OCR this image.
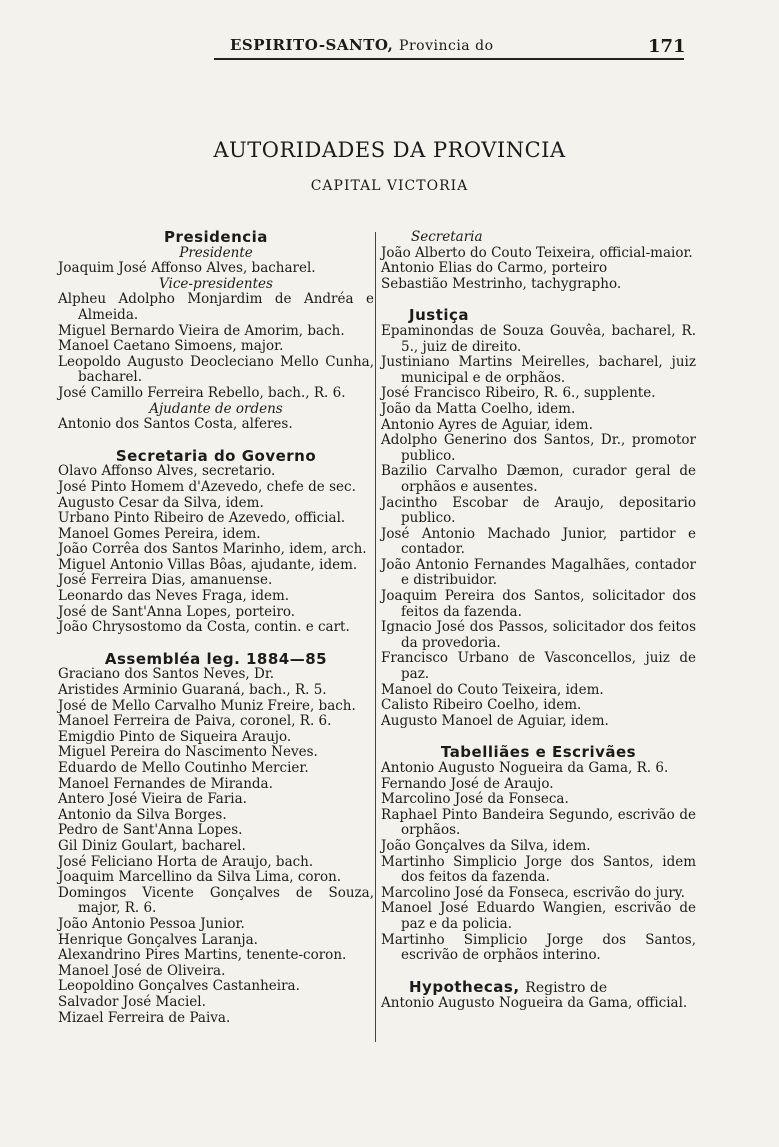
ESPIRITO-SANTO, Provincia do	171
AUTORIDADES DA PROVINCIA
CAPITAL VICTORIA
Presidencia
Presidente
Joaquim José Affonso Alves, bacharel.
Vice-presidentes
Alpheu Adolpho Monjardim de Andréa e Almeida.
Miguel Bernardo Vieira de Amorim, bach.
Manoel Caetano Simoens, major.
Leopoldo Augusto Deocleciano Mello Cunha, bacharel.
José Camillo Ferreira Rebello, bach., R. 6.
Ajudante de ordens
Antonio dos Santos Costa, alferes.
Secretaria do Governo
Olavo Affonso Alves, secretario.
José Pinto Homem d'Azevedo, chefe de sec.
Augusto Cesar da Silva, idem.
Urbano Pinto Ribeiro de Azevedo, official.
Manoel Gomes Pereira, idem.
João Corrêa dos Santos Marinho, idem, arch.
Miguel Antonio Villas Bôas, ajudante, idem.
José Ferreira Dias, amanuense.
Leonardo das Neves Fraga, idem.
José de Sant'Anna Lopes, porteiro.
João Chrysostomo da Costa, contin. e cart.
Assembléa leg. 1884—85
Graciano dos Santos Neves, Dr.
Aristides Arminio Guaraná, bach., R. 5.
José de Mello Carvalho Muniz Freire, bach.
Manoel Ferreira de Paiva, coronel, R. 6.
Emigdio Pinto de Siqueira Araujo.
Miguel Pereira do Nascimento Neves.
Eduardo de Mello Coutinho Mercier.
Manoel Fernandes de Miranda.
Antero José Vieira de Faria.
Antonio da Silva Borges.
Pedro de Sant'Anna Lopes.
Gil Diniz Goulart, bacharel.
José Feliciano Horta de Araujo, bach.
Joaquim Marcellino da Silva Lima, coron.
Domingos Vicente Gonçalves de Souza, major, R. 6.
João Antonio Pessoa Junior.
Henrique Gonçalves Laranja.
Alexandrino Pires Martins, tenente-coron.
Manoel José de Oliveira.
Leopoldino Gonçalves Castanheira.
Salvador José Maciel.
Mizael Ferreira de Paiva.
Secretaria
João Alberto do Couto Teixeira, official-maior.
Antonio Elias do Carmo, porteiro
Sebastião Mestrinho, tachygrapho.
Justiça
Epaminondas de Souza Gouvêa, bacharel, R. 5., juiz de direito.
Justiniano Martins Meirelles, bacharel, juiz municipal e de orphãos.
José Francisco Ribeiro, R. 6., supplente.
João da Matta Coelho, idem.
Antonio Ayres de Aguiar, idem.
Adolpho Generino dos Santos, Dr., promotor publico.
Bazilio Carvalho Dæmon, curador geral de orphãos e ausentes.
Jacintho Escobar de Araujo, depositario publico.
José Antonio Machado Junior, partidor e contador.
João Antonio Fernandes Magalhães, contador e distribuidor.
Joaquim Pereira dos Santos, solicitador dos feitos da fazenda.
Ignacio José dos Passos, solicitador dos feitos da provedoria.
Francisco Urbano de Vasconcellos, juiz de paz.
Manoel do Couto Teixeira, idem.
Calisto Ribeiro Coelho, idem.
Augusto Manoel de Aguiar, idem.
Tabelliães e Escrivães
Antonio Augusto Nogueira da Gama, R. 6.
Fernando José de Araujo.
Marcolino José da Fonseca.
Raphael Pinto Bandeira Segundo, escrivão de orphãos.
João Gonçalves da Silva, idem.
Martinho Simplicio Jorge dos Santos, idem dos feitos da fazenda.
Marcolino José da Fonseca, escrivão do jury.
Manoel José Eduardo Wangien, escrivão de paz e da policia.
Martinho Simplicio Jorge dos Santos, escrivão de orphãos interino.
Hypothecas, Registro de
Antonio Augusto Nogueira da Gama, official.
